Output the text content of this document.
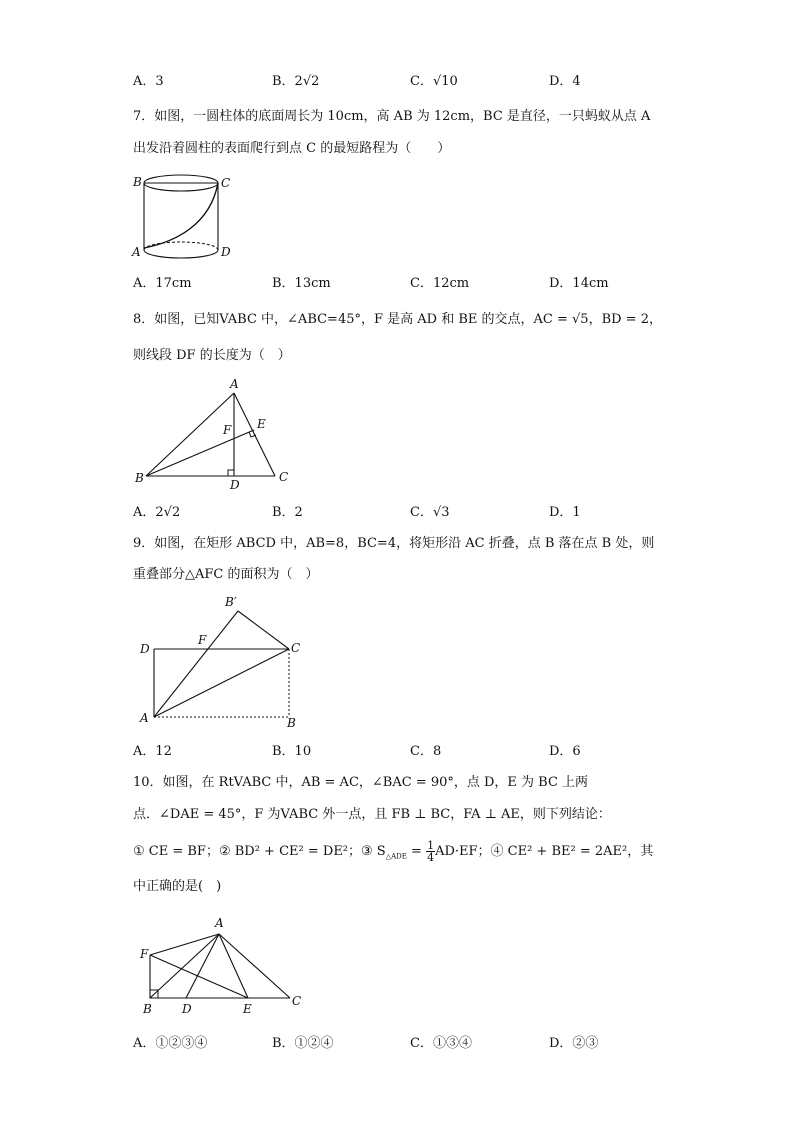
A．3	B．2√2	C．√10	D．4
7．如图，一圆柱体的底面周长为 10cm，高 AB 为 12cm，BC 是直径，一只蚂蚁从点 A
出发沿着圆柱的表面爬行到点 C 的最短路程为（　　）
B	C
A	D
A．17cm	B．13cm	C．12cm	D．14cm
8．如图，已知VABC 中，∠ABC=45°，F 是高 AD 和 BE 的交点，AC = √5，BD = 2，
则线段 DF 的长度为（　）
A
E
F
B	D
C
A．2√2	B．2	C．√3	D．1
9．如图，在矩形 ABCD 中，AB=8，BC=4，将矩形沿 AC 折叠，点 B 落在点 B 处，则
重叠部分△AFC 的面积为（　）
B′
F
D	C
A	B
A．12	B．10	C．8	D．6
10．如图，在 RtVABC 中，AB = AC，∠BAC = 90°，点 D，E 为 BC 上两
点．∠DAE = 45°，F 为VABC 外一点，且 FB ⊥ BC，FA ⊥ AE，则下列结论：
① CE = BF；② BD² + CE² = DE²；③ $S_{\triangle ADE} = \frac{1}{4} AD\cdot EF$；④ CE² + BE² = 2AE²，其
中正确的是(　)
A
F
B	D	E
C
A．①②③④	B．①②④	C．①③④	D．②③
